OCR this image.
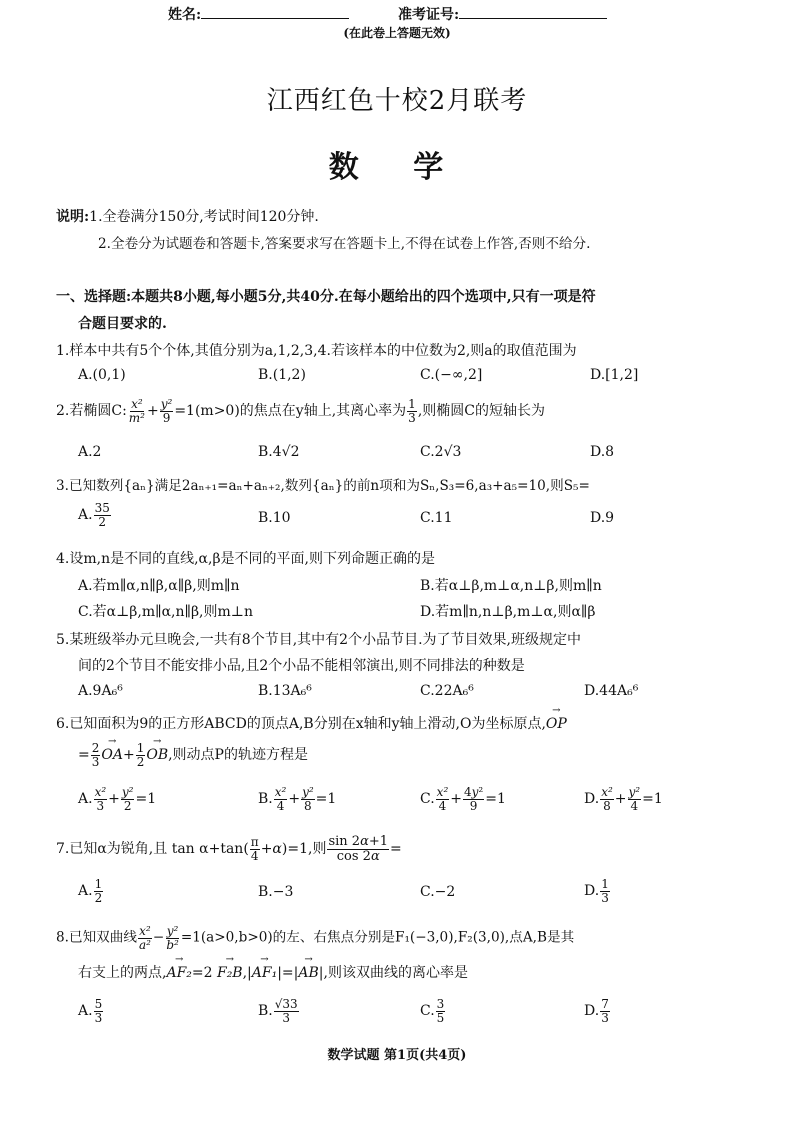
姓名:	准考证号:
(在此卷上答题无效)
江西红色十校2月联考
数 学
说明:1.全卷满分150分,考试时间120分钟.
2.全卷分为试题卷和答题卡,答案要求写在答题卡上,不得在试卷上作答,否则不给分.
一、选择题:本题共8小题,每小题5分,共40分.在每小题给出的四个选项中,只有一项是符
合题目要求的.
1.样本中共有5个个体,其值分别为a,1,2,3,4.若该样本的中位数为2,则a的取值范围为
A.(0,1)	B.(1,2)	C.(−∞,2]	D.[1,2]
2.若椭圆C: $\frac{\text{x²}}{\text{m²}} + \frac{\text{y²}}{9} =1(m>0)$的焦点在y轴上,其离心率为 $\frac{1}{3}$ ,则椭圆C的短轴长为
A.2	B.4√2	C.2√3	D.8
3.已知数列{aₙ}满足2aₙ₊₁=aₙ+aₙ₊₂,数列{aₙ}的前n项和为Sₙ,S₃=6,a₃+a₅=10,则S₅=
A. $\frac{35}{2}$	B.10	C.11	D.9
4.设m,n是不同的直线,α,β是不同的平面,则下列命题正确的是
A.若m∥α,n∥β,α∥β,则m∥n	B.若α⊥β,m⊥α,n⊥β,则m∥n
C.若α⊥β,m∥α,n∥β,则m⊥n	D.若m∥n,n⊥β,m⊥α,则α∥β
5.某班级举办元旦晚会,一共有8个节目,其中有2个小品节目.为了节目效果,班级规定中
间的2个节目不能安排小品,且2个小品不能相邻演出,则不同排法的种数是
A.9A₆⁶	B.13A₆⁶	C.22A₆⁶	D.44A₆⁶
6.已知面积为9的正方形ABCD的顶点A,B分别在x轴和y轴上滑动,O为坐标原点,→ OP
= $\frac{2}{3}$
→ $OA+ \frac{1}{2}$
→ OB,则动点P的轨迹方程是
A. $\frac{\text{x²}}{3} + \frac{\text{y²}}{2} =1$	B. $\frac{\text{x²}}{4} + \frac{\text{y²}}{8} =1$	C. $\frac{\text{x²}}{4} + \frac{\text{4y²}}{9} =1$	D. $\frac{\text{x²}}{8} + \frac{\text{y²}}{4} =1$
7.已知α为锐角,且 $\tan \alpha+\tan( \frac{\pi}{4} +\alpha)=1$,则 $\frac{\sin 2\alpha+1}{\cos 2\alpha}$ =
A. $\frac{1}{2}$	B.−3	C.−2	D. $\frac{1}{3}$
8.已知双曲线 $\frac{\text{x²}}{\text{a²}} - \frac{\text{y²}}{\text{b²}} =1(a>0,b>0)$的左、右焦点分别是F₁(−3,0),F₂(3,0),点A,B是其
右支上的两点,→ AF₂=2 → F₂B,|→ AF₁|=|→ AB|,则该双曲线的离心率是
A. $\frac{5}{3}$	B. $\frac{√33}{3}$	C. $\frac{3}{5}$	D. $\frac{7}{3}$
数学试题 第1页(共4页)
